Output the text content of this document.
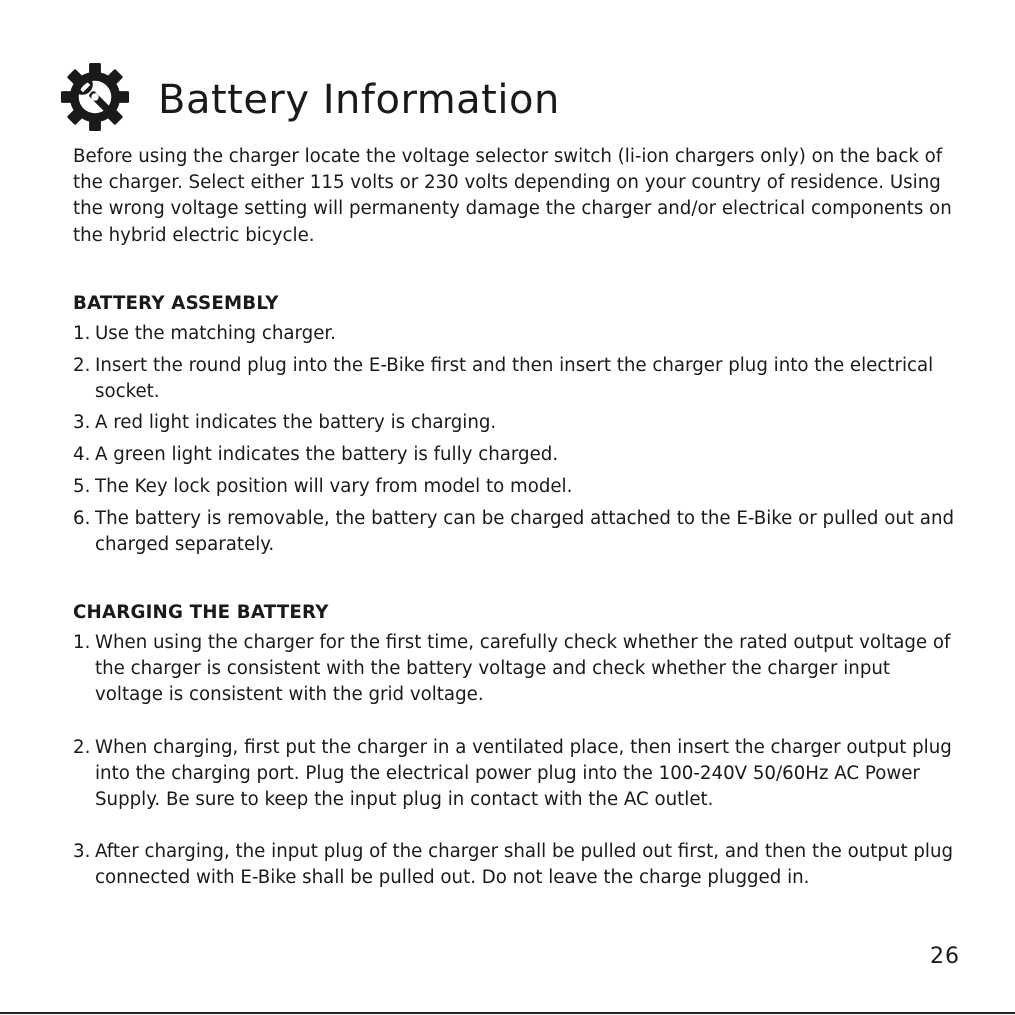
Battery Information

Before using the charger locate the voltage selector switch (li-ion chargers only) on the back of the charger. Select either 115 volts or 230 volts depending on your country of residence. Using the wrong voltage setting will permanenty damage the charger and/or electrical components on the hybrid electric bicycle.

BATTERY ASSEMBLY
1. Use the matching charger.
2. Insert the round plug into the E-Bike first and then insert the charger plug into the electrical socket.
3. A red light indicates the battery is charging.
4. A green light indicates the battery is fully charged.
5. The Key lock position will vary from model to model.
6. The battery is removable, the battery can be charged attached to the E-Bike or pulled out and charged separately.
CHARGING THE BATTERY
1. When using the charger for the first time, carefully check whether the rated output voltage of the charger is consistent with the battery voltage and check whether the charger input voltage is consistent with the grid voltage.
2. When charging, first put the charger in a ventilated place, then insert the charger output plug into the charging port. Plug the electrical power plug into the 100-240V 50/60Hz AC Power Supply. Be sure to keep the input plug in contact with the AC outlet.
3. After charging, the input plug of the charger shall be pulled out first, and then the output plug connected with E-Bike shall be pulled out. Do not leave the charge plugged in.
26
